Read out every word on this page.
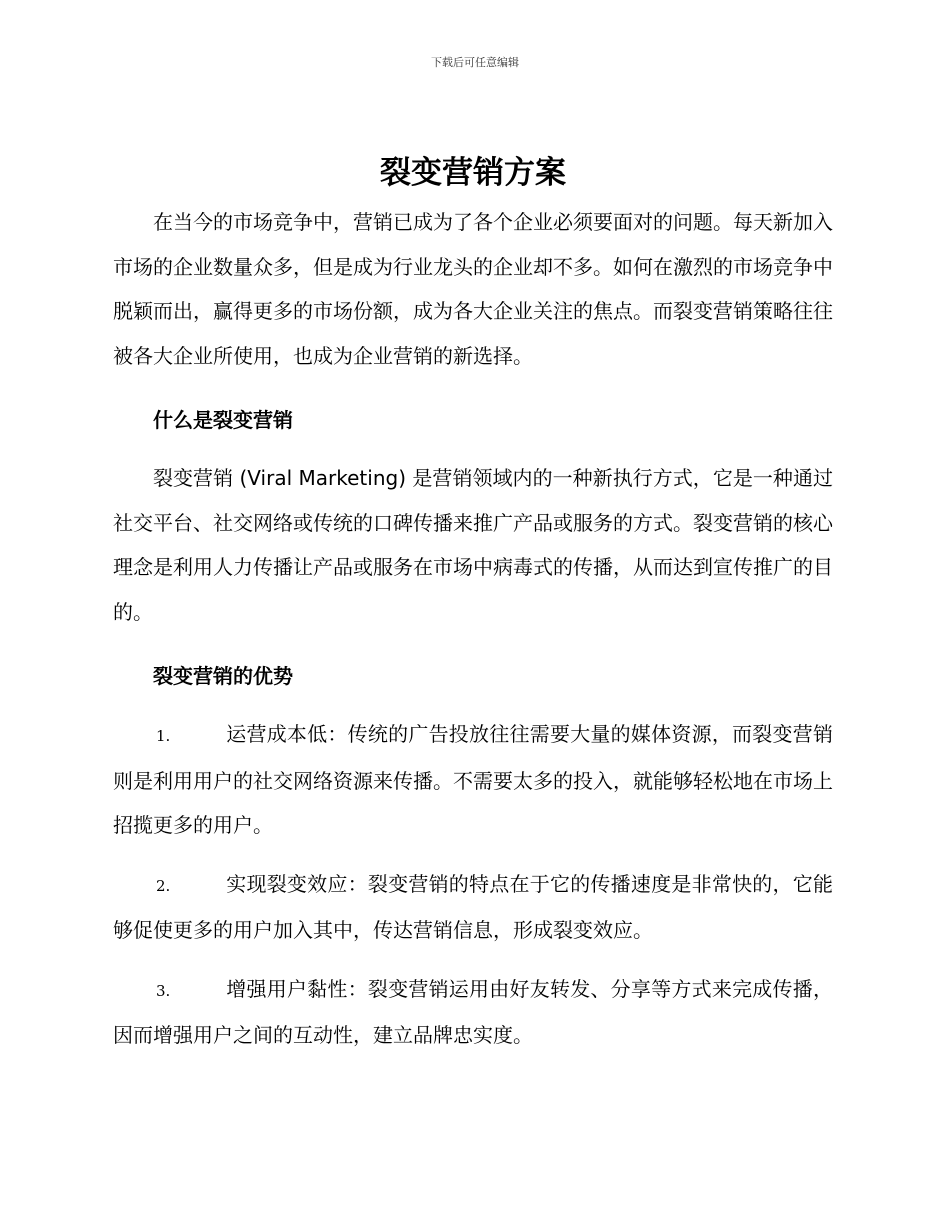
下载后可任意编辑
裂变营销方案

在当今的市场竞争中，营销已成为了各个企业必须要面对的问题。每天新加入市场的企业数量众多，但是成为行业龙头的企业却不多。如何在激烈的市场竞争中脱颖而出，赢得更多的市场份额，成为各大企业关注的焦点。而裂变营销策略往往被各大企业所使用，也成为企业营销的新选择。

什么是裂变营销

裂变营销 (Viral Marketing) 是营销领域内的一种新执行方式，它是一种通过社交平台、社交网络或传统的口碑传播来推广产品或服务的方式。裂变营销的核心理念是利用人力传播让产品或服务在市场中病毒式的传播，从而达到宣传推广的目的。

裂变营销的优势
1.	运营成本低：传统的广告投放往往需要大量的媒体资源，而裂变营销则是利用用户的社交网络资源来传播。不需要太多的投入，就能够轻松地在市场上招揽更多的用户。
2.	实现裂变效应：裂变营销的特点在于它的传播速度是非常快的，它能够促使更多的用户加入其中，传达营销信息，形成裂变效应。
3.	增强用户黏性：裂变营销运用由好友转发、分享等方式来完成传播，因而增强用户之间的互动性，建立品牌忠实度。
